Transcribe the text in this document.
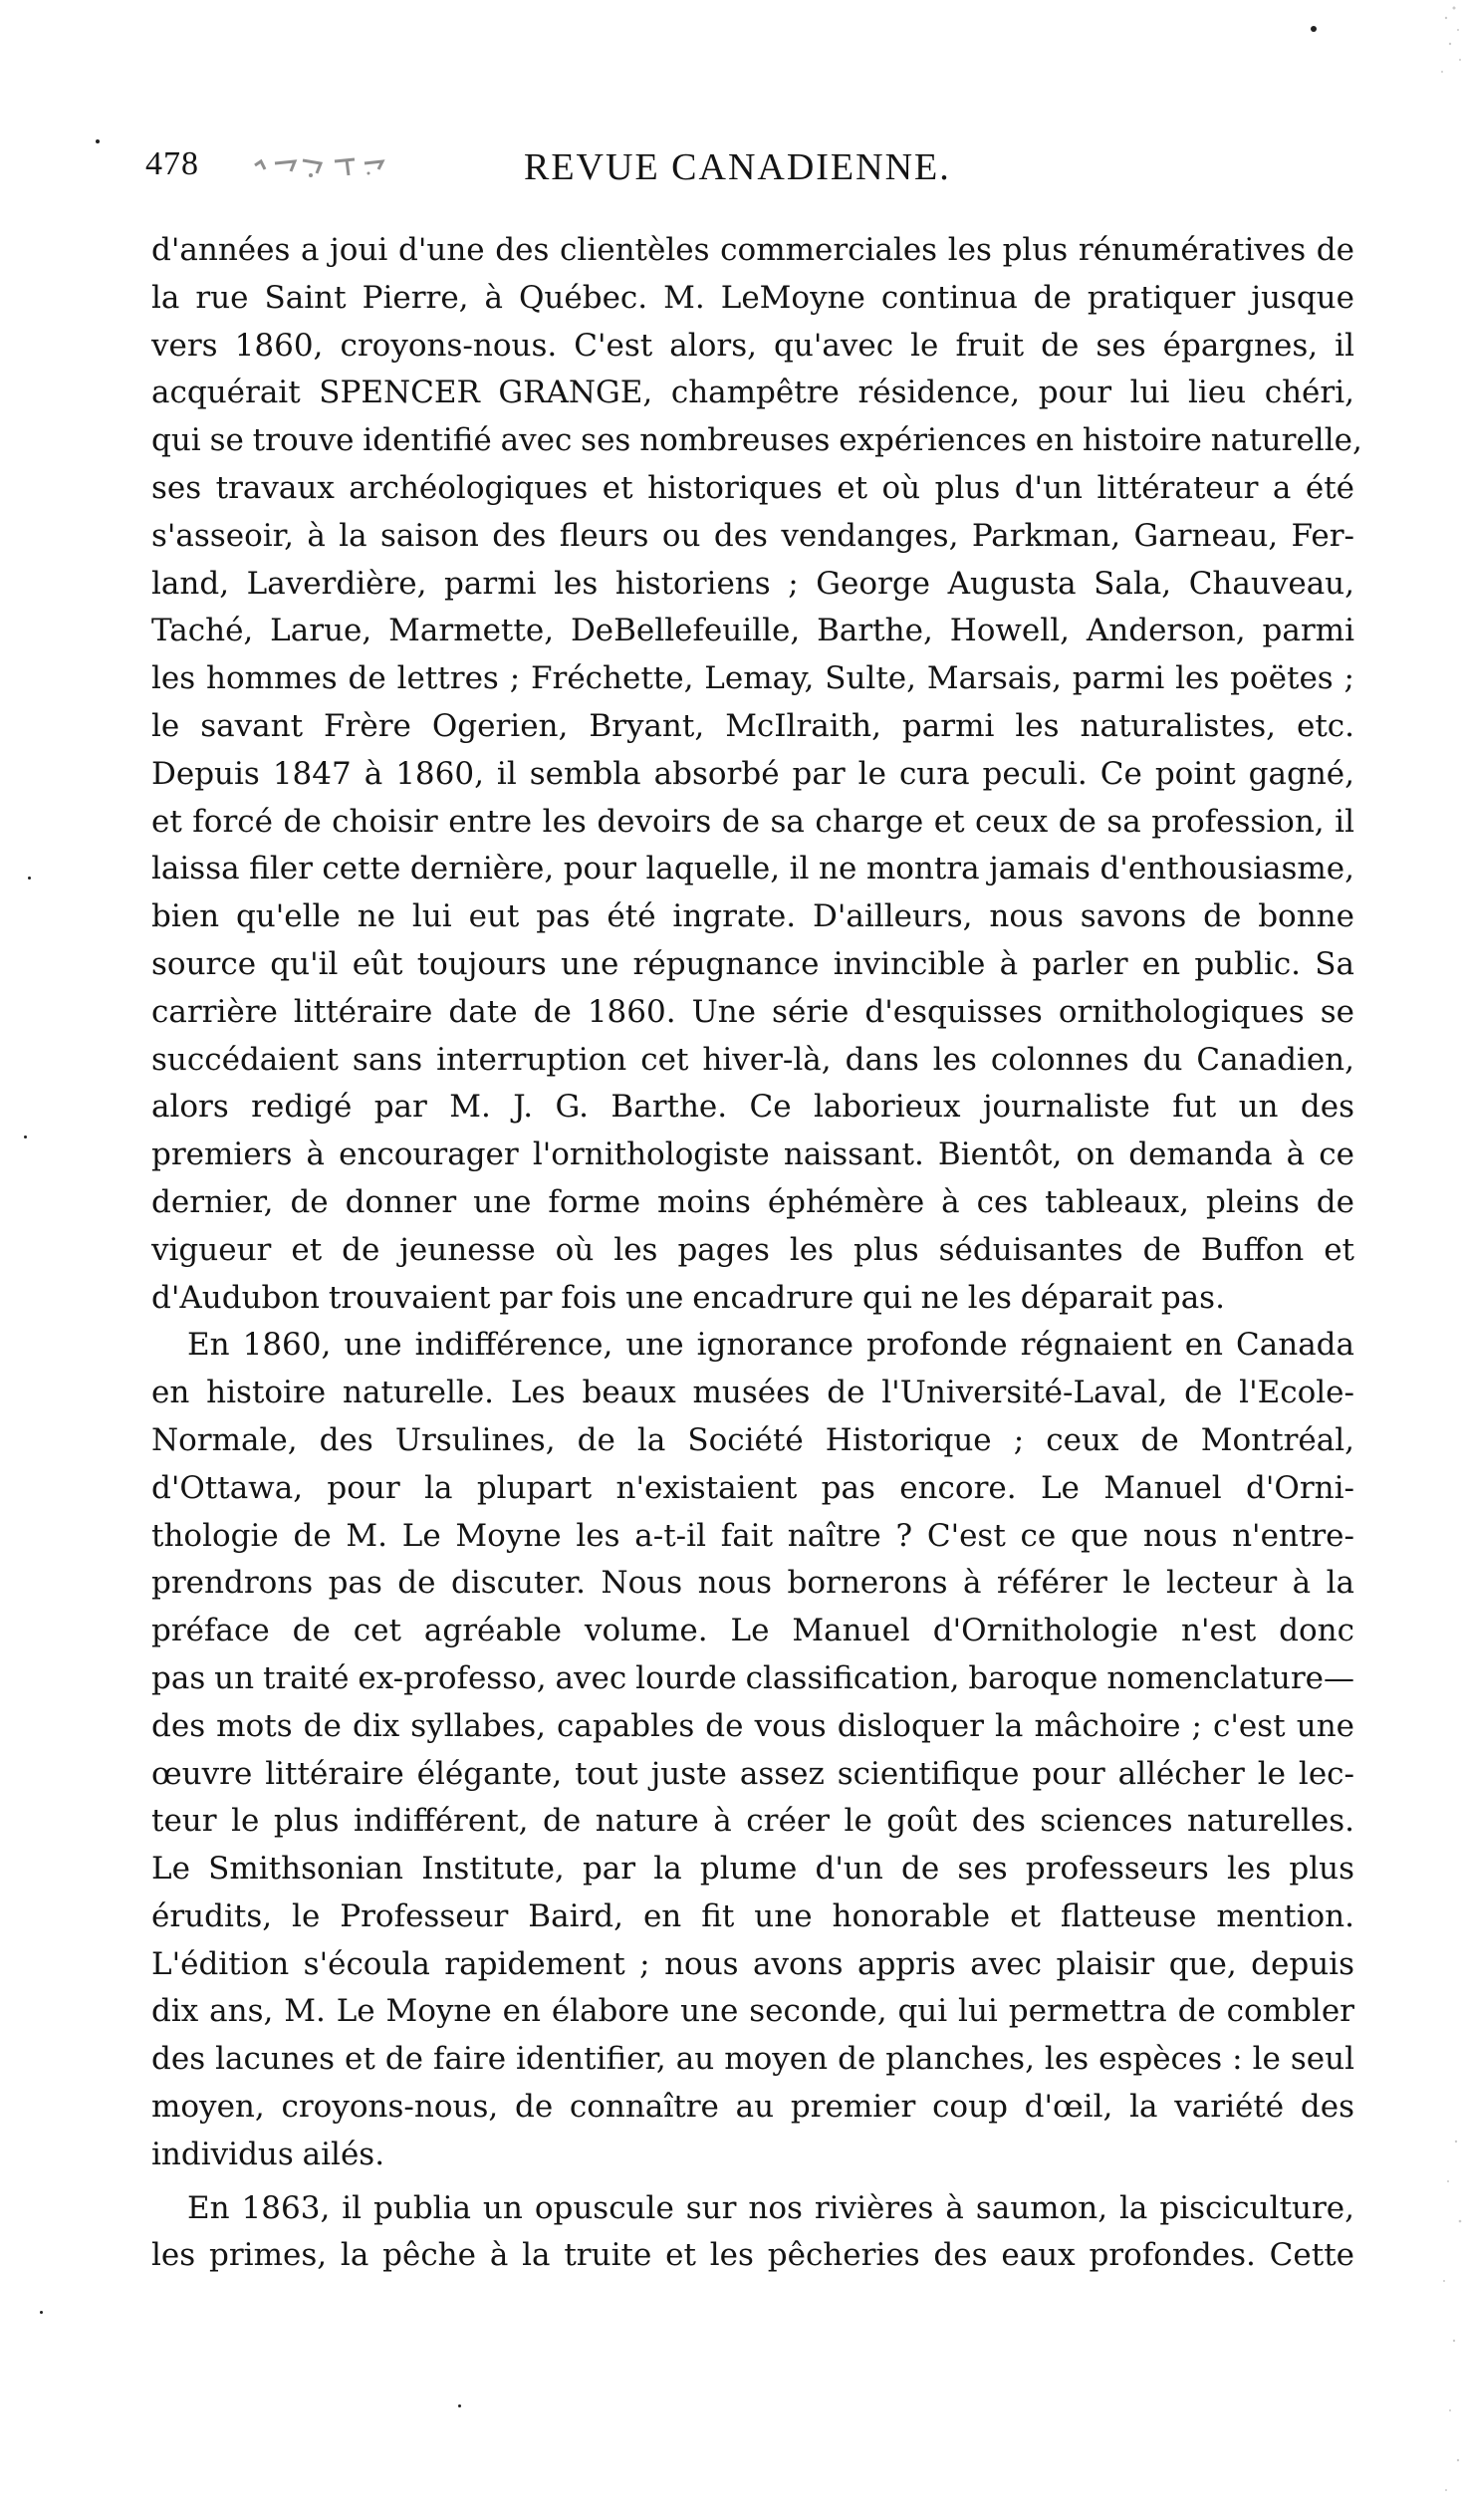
478	REVUE CANADIENNE.
d'années a joui d'une des clientèles commerciales les plus rénumératives de
la rue Saint Pierre, à Québec. M. LeMoyne continua de pratiquer jusque
vers 1860, croyons-nous. C'est alors, qu'avec le fruit de ses épargnes, il
acquérait SPENCER GRANGE, champêtre résidence, pour lui lieu chéri,
qui se trouve identifié avec ses nombreuses expériences en histoire naturelle,
ses travaux archéologiques et historiques et où plus d'un littérateur a été
s'asseoir, à la saison des fleurs ou des vendanges, Parkman, Garneau, Fer-
land, Laverdière, parmi les historiens ; George Augusta Sala, Chauveau,
Taché, Larue, Marmette, DeBellefeuille, Barthe, Howell, Anderson, parmi
les hommes de lettres ; Fréchette, Lemay, Sulte, Marsais, parmi les poëtes ;
le savant Frère Ogerien, Bryant, McIlraith, parmi les naturalistes, etc.
Depuis 1847 à 1860, il sembla absorbé par le cura peculi. Ce point gagné,
et forcé de choisir entre les devoirs de sa charge et ceux de sa profession, il
laissa filer cette dernière, pour laquelle, il ne montra jamais d'enthousiasme,
bien qu'elle ne lui eut pas été ingrate. D'ailleurs, nous savons de bonne
source qu'il eût toujours une répugnance invincible à parler en public. Sa
carrière littéraire date de 1860. Une série d'esquisses ornithologiques se
succédaient sans interruption cet hiver-là, dans les colonnes du Canadien,
alors redigé par M. J. G. Barthe. Ce laborieux journaliste fut un des
premiers à encourager l'ornithologiste naissant. Bientôt, on demanda à ce
dernier, de donner une forme moins éphémère à ces tableaux, pleins de
vigueur et de jeunesse où les pages les plus séduisantes de Buffon et
d'Audubon trouvaient par fois une encadrure qui ne les déparait pas.
En 1860, une indifférence, une ignorance profonde régnaient en Canada
en histoire naturelle. Les beaux musées de l'Université-Laval, de l'Ecole-
Normale, des Ursulines, de la Société Historique ; ceux de Montréal,
d'Ottawa, pour la plupart n'existaient pas encore. Le Manuel d'Orni-
thologie de M. Le Moyne les a-t-il fait naître ? C'est ce que nous n'entre-
prendrons pas de discuter. Nous nous bornerons à référer le lecteur à la
préface de cet agréable volume. Le Manuel d'Ornithologie n'est donc
pas un traité ex-professo, avec lourde classification, baroque nomenclature—
des mots de dix syllabes, capables de vous disloquer la mâchoire ; c'est une
œuvre littéraire élégante, tout juste assez scientifique pour allécher le lec-
teur le plus indifférent, de nature à créer le goût des sciences naturelles.
Le Smithsonian Institute, par la plume d'un de ses professeurs les plus
érudits, le Professeur Baird, en fit une honorable et flatteuse mention.
L'édition s'écoula rapidement ; nous avons appris avec plaisir que, depuis
dix ans, M. Le Moyne en élabore une seconde, qui lui permettra de combler
des lacunes et de faire identifier, au moyen de planches, les espèces : le seul
moyen, croyons-nous, de connaître au premier coup d'œil, la variété des
individus ailés.
En 1863, il publia un opuscule sur nos rivières à saumon, la pisciculture,
les primes, la pêche à la truite et les pêcheries des eaux profondes. Cette
